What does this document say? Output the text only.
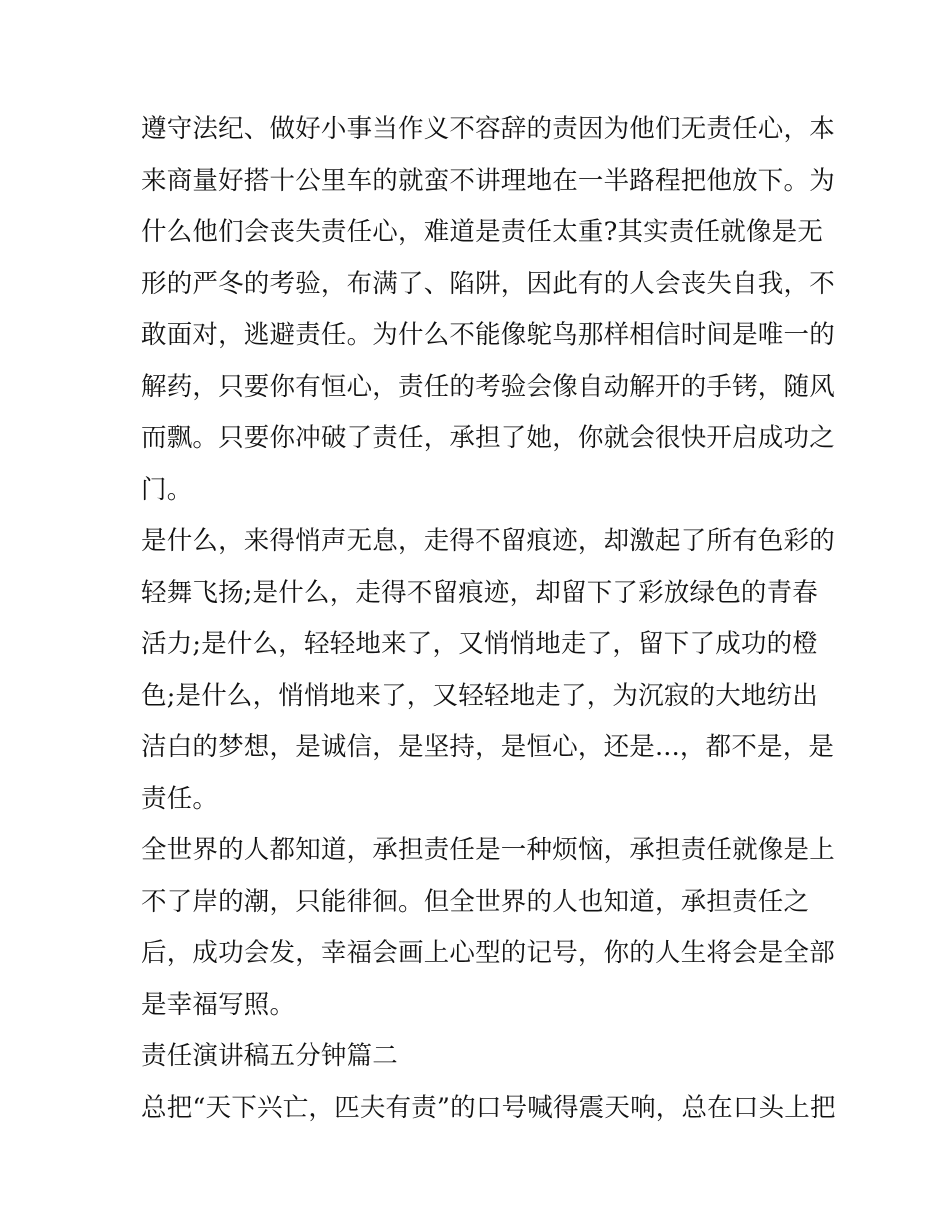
遵守法纪、做好小事当作义不容辞的责因为他们无责任心，本
来商量好搭十公里车的就蛮不讲理地在一半路程把他放下。为
什么他们会丧失责任心，难道是责任太重?其实责任就像是无
形的严冬的考验，布满了、陷阱，因此有的人会丧失自我，不
敢面对，逃避责任。为什么不能像鸵鸟那样相信时间是唯一的
解药，只要你有恒心，责任的考验会像自动解开的手铐，随风
而飘。只要你冲破了责任，承担了她，你就会很快开启成功之
门。
是什么，来得悄声无息，走得不留痕迹，却激起了所有色彩的
轻舞飞扬;是什么，走得不留痕迹，却留下了彩放绿色的青春
活力;是什么，轻轻地来了，又悄悄地走了，留下了成功的橙
色;是什么，悄悄地来了，又轻轻地走了，为沉寂的大地纺出
洁白的梦想，是诚信，是坚持，是恒心，还是...，都不是，是
责任。
全世界的人都知道，承担责任是一种烦恼，承担责任就像是上
不了岸的潮，只能徘徊。但全世界的人也知道，承担责任之
后，成功会发，幸福会画上心型的记号，你的人生将会是全部
是幸福写照。
责任演讲稿五分钟篇二
总把“天下兴亡，匹夫有责”的口号喊得震天响，总在口头上把
